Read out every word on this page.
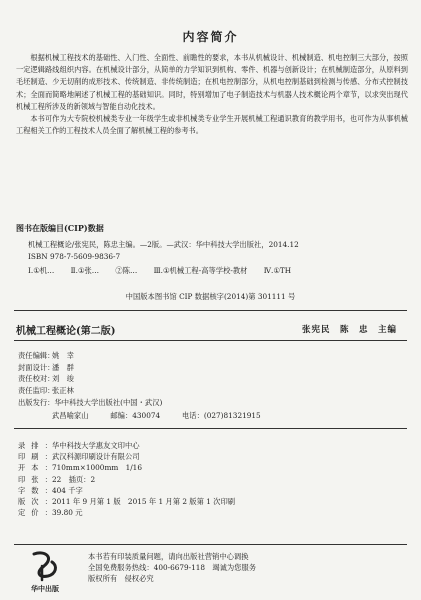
内容简介

根据机械工程技术的基础性、入门性、全面性、前瞻性的要求，本书从机械设计、机械制造、机电控制三大部分，按照一定逻辑路线组织内容。在机械设计部分，从简单的力学知识到机构、零件、机器与创新设计；在机械制造部分，从原料到毛坯制造、少无切削的成形技术、传统制造、非传统制造；在机电控制部分，从机电控制基础到检测与传感、分布式控制技术；全面而简略地阐述了机械工程的基础知识。同时，特别增加了电子制造技术与机器人技术概论两个章节，以求突出现代机械工程所涉及的新领域与智能自动化技术。

本书可作为大专院校机械类专业一年级学生或非机械类专业学生开展机械工程通识教育的教学用书，也可作为从事机械工程相关工作的工程技术人员全面了解机械工程的参考书。

图书在版编目(CIP)数据
机械工程概论/张宪民，陈忠主编。—2版。—武汉：华中科技大学出版社，2014.12
ISBN 978-7-5609-9836-7
Ⅰ.①机… Ⅱ.①张… ②陈… Ⅲ.①机械工程-高等学校-教材 Ⅳ.①TH
中国版本图书馆 CIP 数据核字(2014)第 301111 号
机械工程概论(第二版)	张宪民　陈　忠　主编
责任编辑：
姚　幸
封面设计：
潘　群
责任校对：
刘　竣
责任监印：
张正林
出版发行：华中科技大学出版社(中国・武汉)
武昌喻家山　　　邮编：430074　　　电话：(027)81321915
录排：
华中科技大学惠友文印中心
印刷：
武汉科源印刷设计有限公司
开本：
710mm×1000mm　1/16
印张：
22　插页：2
字数：
404 千字
版次：
2011 年 9 月第 1 版　2015 年 1 月第 2 版第 1 次印刷
定价：
39.80 元
华中出版
本书若有印装质量问题，请向出版社营销中心调换
全国免费服务热线：400-6679-118　竭诚为您服务
版权所有　侵权必究
